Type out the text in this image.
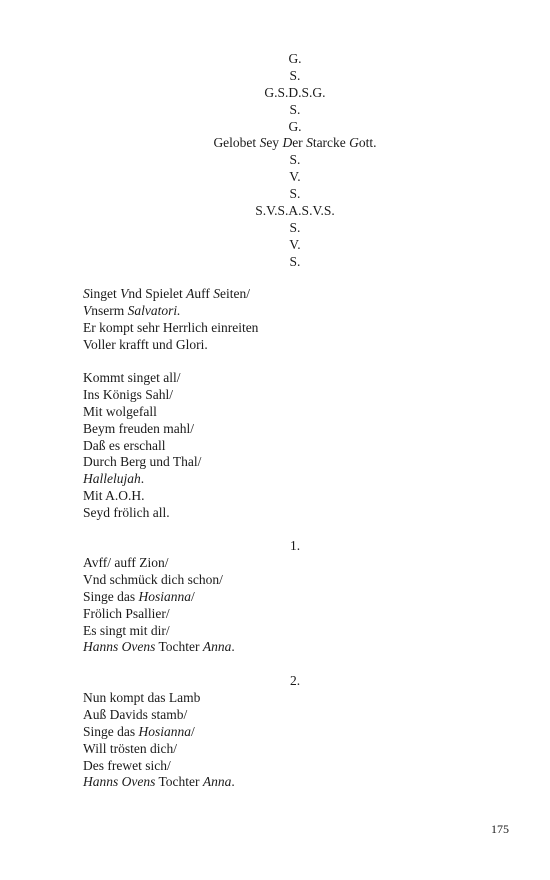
G.
S.
G.S.D.S.G.
S.
G.
Gelobet Sey Der Starcke Gott.
S.
V.
S.
S.V.S.A.S.V.S.
S.
V.
S.
Singet Vnd Spielet Auff Seiten/
Vnserm Salvatori.
Er kompt sehr Herrlich einreiten
Voller krafft und Glori.
Kommt singet all/
Ins Königs Sahl/
Mit wolgefall
Beym freuden mahl/
Daß es erschall
Durch Berg und Thal/
Hallelujah.
Mit A.O.H.
Seyd frölich all.
1.
Avff/ auff Zion/
Vnd schmück dich schon/
Singe das Hosianna/
Frölich Psallier/
Es singt mit dir/
Hanns Ovens Tochter Anna.
2.
Nun kompt das Lamb
Auß Davids stamb/
Singe das Hosianna/
Will trösten dich/
Des frewet sich/
Hanns Ovens Tochter Anna.
175
